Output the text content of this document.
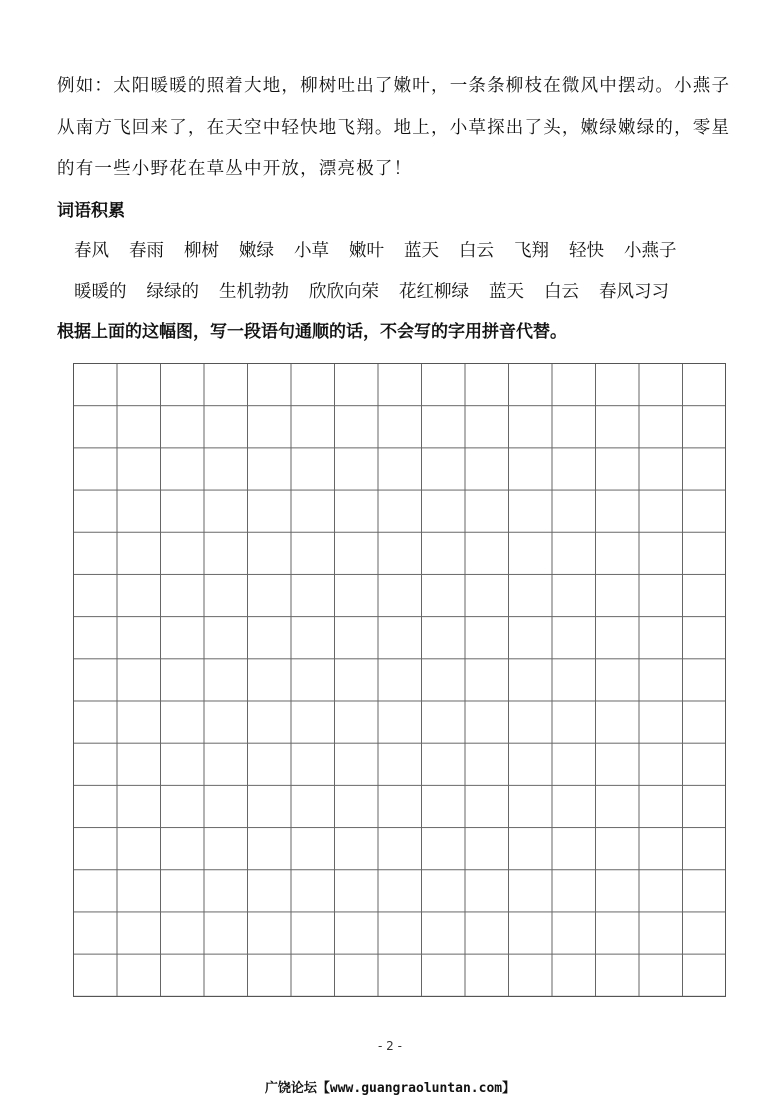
例如：太阳暖暖的照着大地，柳树吐出了嫩叶，一条条柳枝在微风中摆动。小燕子
从南方飞回来了，在天空中轻快地飞翔。地上，小草探出了头，嫩绿嫩绿的，零星
的有一些小野花在草丛中开放，漂亮极了！
词语积累
春风 春雨 柳树 嫩绿 小草 嫩叶 蓝天 白云 飞翔 轻快 小燕子
暖暖的 绿绿的 生机勃勃 欣欣向荣 花红柳绿 蓝天 白云 春风习习
根据上面的这幅图，写一段语句通顺的话，不会写的字用拼音代替。
- 2 -
广饶论坛【www.guangraoluntan.com】
